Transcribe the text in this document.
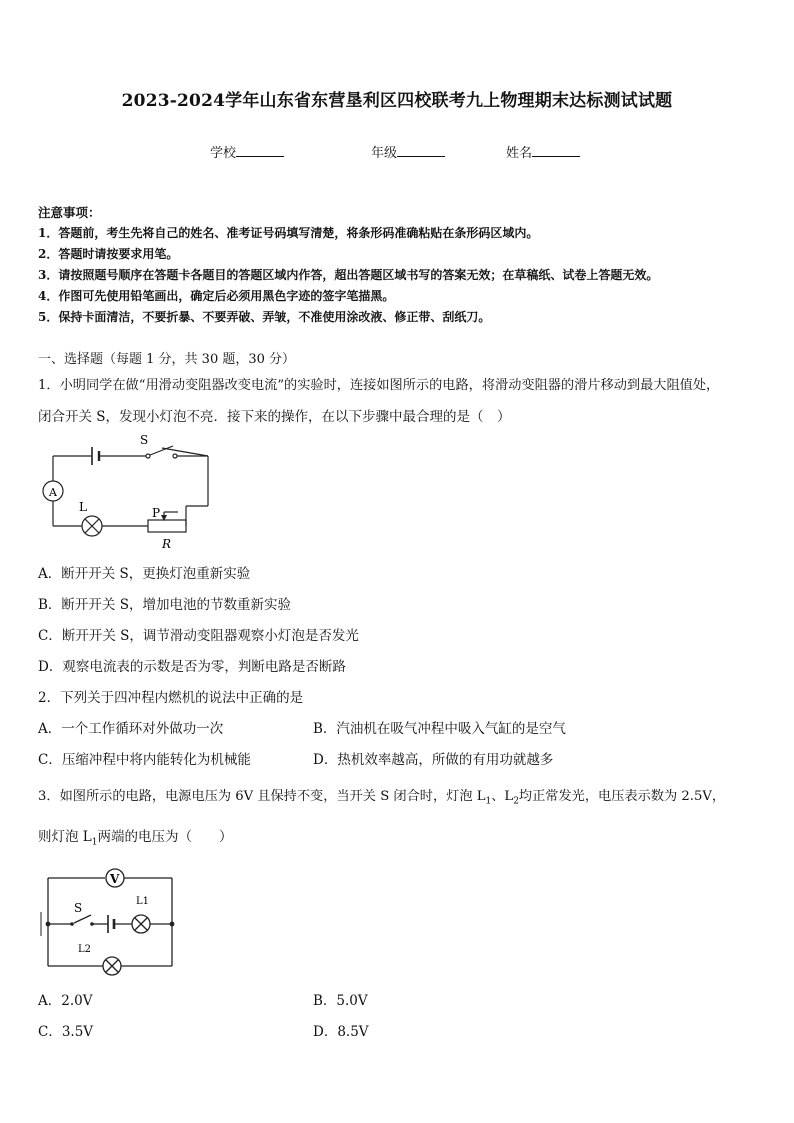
2023-2024学年山东省东营垦利区四校联考九上物理期末达标测试试题
学校	年级	姓名
注意事项：
1．答题前，考生先将自己的姓名、准考证号码填写清楚，将条形码准确粘贴在条形码区域内。
2．答题时请按要求用笔。
3．请按照题号顺序在答题卡各题目的答题区域内作答，超出答题区域书写的答案无效；在草稿纸、试卷上答题无效。
4．作图可先使用铅笔画出，确定后必须用黑色字迹的签字笔描黑。
5．保持卡面清洁，不要折暴、不要弄破、弄皱，不准使用涂改液、修正带、刮纸刀。
一、选择题（每题 1 分，共 30 题，30 分）
1．小明同学在做“用滑动变阻器改变电流”的实验时，连接如图所示的电路，将滑动变阻器的滑片移动到最大阻值处，
闭合开关 S，发现小灯泡不亮．接下来的操作，在以下步骤中最合理的是（　）
S
A
L	P
R
A．断开开关 S，更换灯泡重新实验
B．断开开关 S，增加电池的节数重新实验
C．断开开关 S，调节滑动变阻器观察小灯泡是否发光
D．观察电流表的示数是否为零，判断电路是否断路
2．下列关于四冲程内燃机的说法中正确的是
A．一个工作循环对外做功一次	B．汽油机在吸气冲程中吸入气缸的是空气
C．压缩冲程中将内能转化为机械能	D．热机效率越高，所做的有用功就越多
3．如图所示的电路，电源电压为 6V 且保持不变，当开关 S 闭合时，灯泡 $L_1$、$L_2$均正常发光，电压表示数为 2.5V，
则灯泡 $L_1$两端的电压为（　　）
V
S	L1
L2
A．2.0V	B．5.0V
C．3.5V	D．8.5V
